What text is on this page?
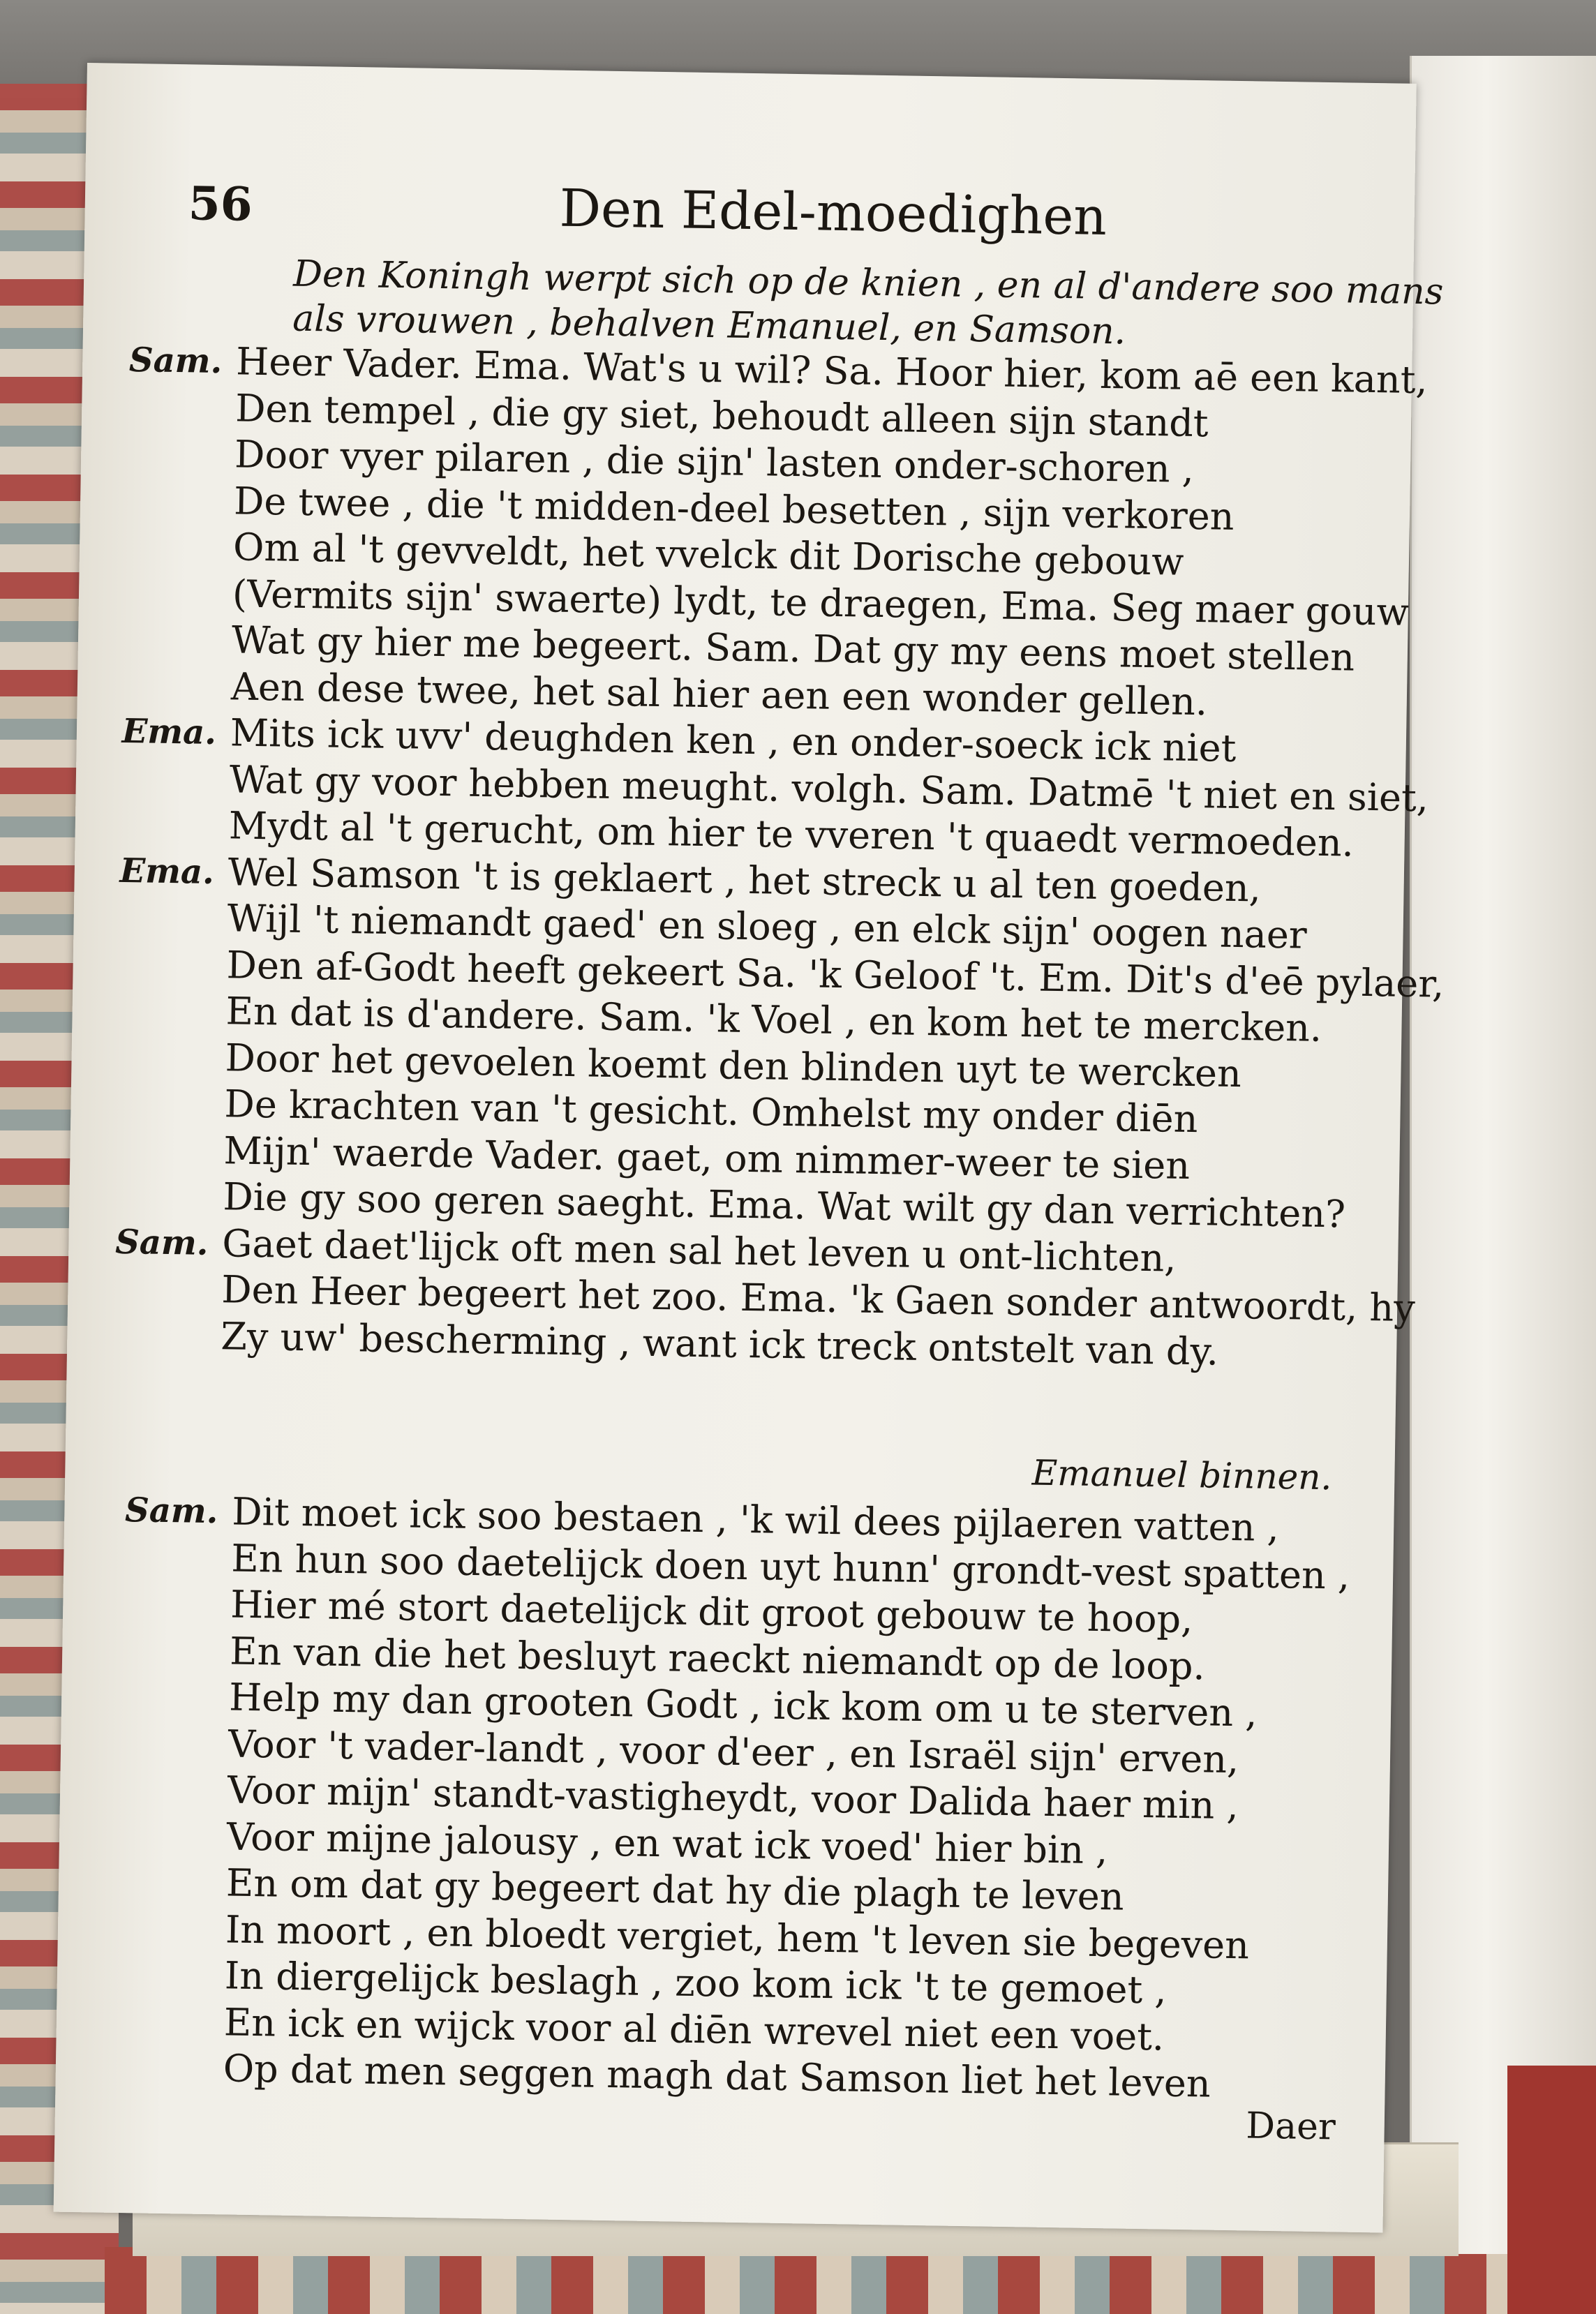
56	Den Edel-moedighen
Den Koningh werpt sich op de knien , en al d'andere soo mans
als vrouwen , behalven Emanuel, en Samson.
Sam. Heer Vader. Ema. Wat's u wil? Sa. Hoor hier, kom aē een kant,
Den tempel , die gy siet, behoudt alleen sijn standt
Door vyer pilaren , die sijn' lasten onder-schoren ,
De twee , die 't midden-deel besetten , sijn verkoren
Om al 't gevveldt, het vvelck dit Dorische gebouw
(Vermits sijn' swaerte) lydt, te draegen, Ema. Seg maer gouw
Wat gy hier me begeert. Sam. Dat gy my eens moet stellen
Aen dese twee, het sal hier aen een wonder gellen.
Ema. Mits ick uvv' deughden ken , en onder-soeck ick niet
Wat gy voor hebben meught. volgh. Sam. Datmē 't niet en siet,
Mydt al 't gerucht, om hier te vveren 't quaedt vermoeden.
Ema. Wel Samson 't is geklaert , het streck u al ten goeden,
Wijl 't niemandt gaed' en sloeg , en elck sijn' oogen naer
Den af-Godt heeft gekeert Sa. 'k Geloof 't. Em. Dit's d'eē pylaer,
En dat is d'andere. Sam. 'k Voel , en kom het te mercken.
Door het gevoelen koemt den blinden uyt te wercken
De krachten van 't gesicht. Omhelst my onder diēn
Mijn' waerde Vader. gaet, om nimmer-weer te sien
Die gy soo geren saeght. Ema. Wat wilt gy dan verrichten?
Sam. Gaet daet'lijck oft men sal het leven u ont-lichten,
Den Heer begeert het zoo. Ema. 'k Gaen sonder antwoordt, hy
Zy uw' bescherming , want ick treck ontstelt van dy.
Emanuel binnen.
Sam. Dit moet ick soo bestaen , 'k wil dees pijlaeren vatten ,
En hun soo daetelijck doen uyt hunn' grondt-vest spatten ,
Hier mé stort daetelijck dit groot gebouw te hoop,
En van die het besluyt raeckt niemandt op de loop.
Help my dan grooten Godt , ick kom om u te sterven ,
Voor 't vader-landt , voor d'eer , en Israël sijn' erven,
Voor mijn' standt-vastigheydt, voor Dalida haer min ,
Voor mijne jalousy , en wat ick voed' hier bin ,
En om dat gy begeert dat hy die plagh te leven
In moort , en bloedt vergiet, hem 't leven sie begeven
In diergelijck beslagh , zoo kom ick 't te gemoet ,
En ick en wijck voor al diēn wrevel niet een voet.
Op dat men seggen magh dat Samson liet het leven
Daer
